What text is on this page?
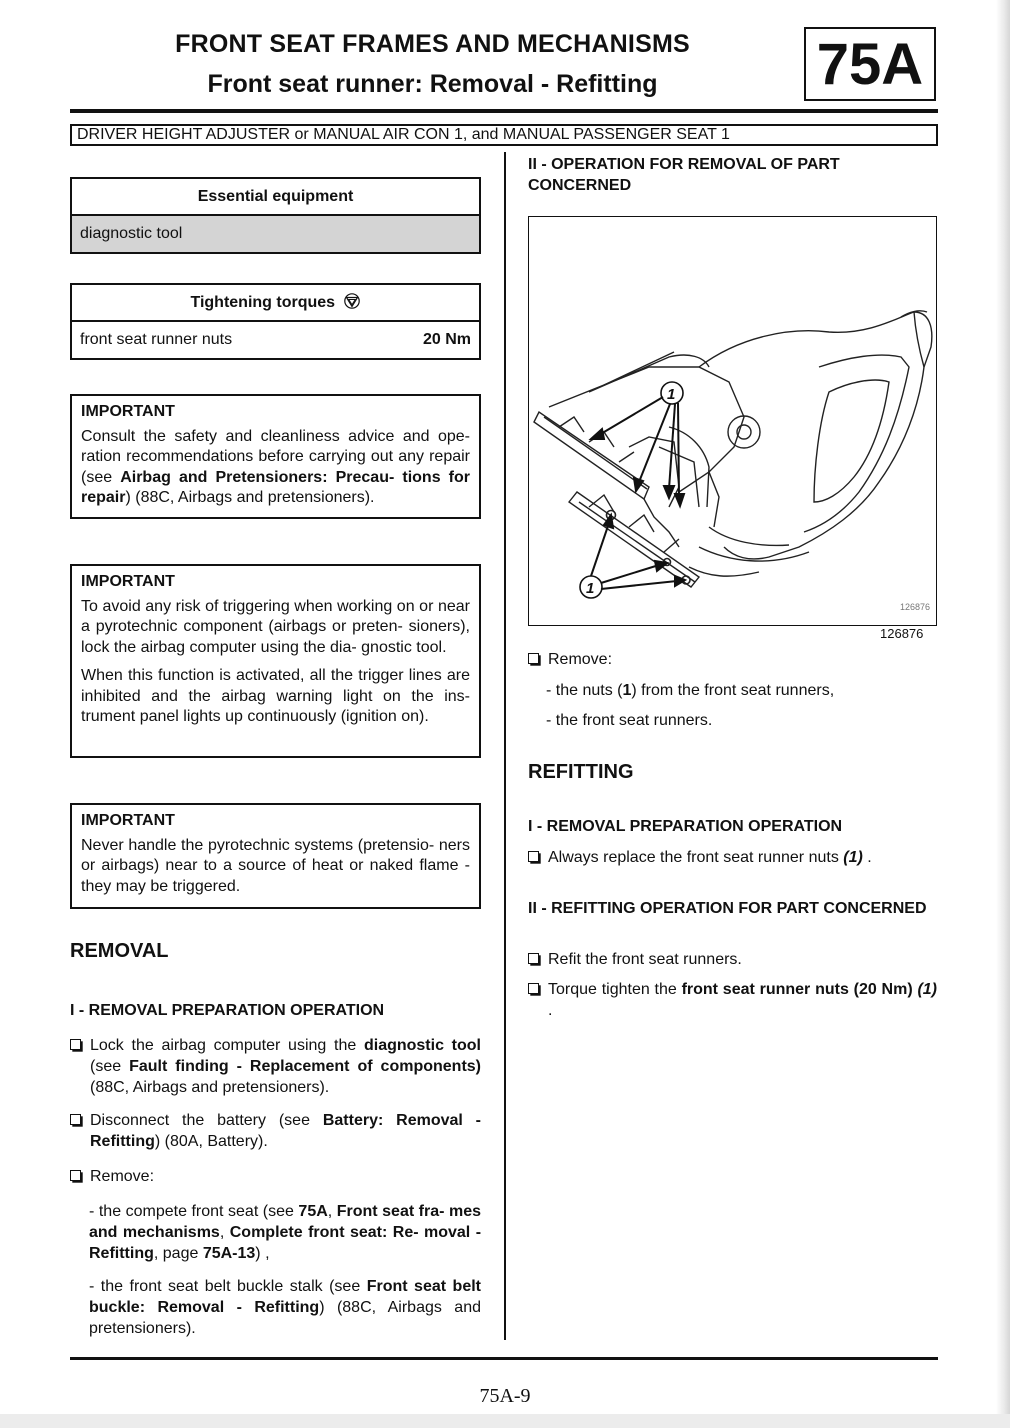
FRONT SEAT FRAMES AND MECHANISMS
Front seat runner: Removal - Refitting	75A
DRIVER HEIGHT ADJUSTER or MANUAL AIR CON 1, and MANUAL PASSENGER SEAT 1
Essential equipment
diagnostic tool
Tightening torques
front seat runner nuts	20 Nm
IMPORTANT

Consult the safety and cleanliness advice and ope- ration recommendations before carrying out any repair (see Airbag and Pretensioners: Precau- tions for repair) (88C, Airbags and pretensioners).

IMPORTANT

To avoid any risk of triggering when working on or near a pyrotechnic component (airbags or preten- sioners), lock the airbag computer using the dia- gnostic tool.

When this function is activated, all the trigger lines are inhibited and the airbag warning light on the ins- trument panel lights up continuously (ignition on).

IMPORTANT

Never handle the pyrotechnic systems (pretensio- ners or airbags) near to a source of heat or naked flame - they may be triggered.

REMOVAL
I - REMOVAL PREPARATION OPERATION
Lock the airbag computer using the diagnostic tool (see Fault finding - Replacement of components) (88C, Airbags and pretensioners).
Disconnect the battery (see Battery: Removal - Refitting) (80A, Battery).
Remove:
- the compete front seat (see 75A, Front seat fra- mes and mechanisms, Complete front seat: Re- moval - Refitting, page 75A-13) ,
- the front seat belt buckle stalk (see Front seat belt buckle: Removal - Refitting) (88C, Airbags and pretensioners).
II - OPERATION FOR REMOVAL OF PART CONCERNED
1
1
126876
126876
Remove:
- the nuts (1) from the front seat runners,
- the front seat runners.
REFITTING
I - REMOVAL PREPARATION OPERATION
Always replace the front seat runner nuts (1) .
II - REFITTING OPERATION FOR PART CONCERNED
Refit the front seat runners.
Torque tighten the front seat runner nuts (20 Nm) (1) .
75A-9
